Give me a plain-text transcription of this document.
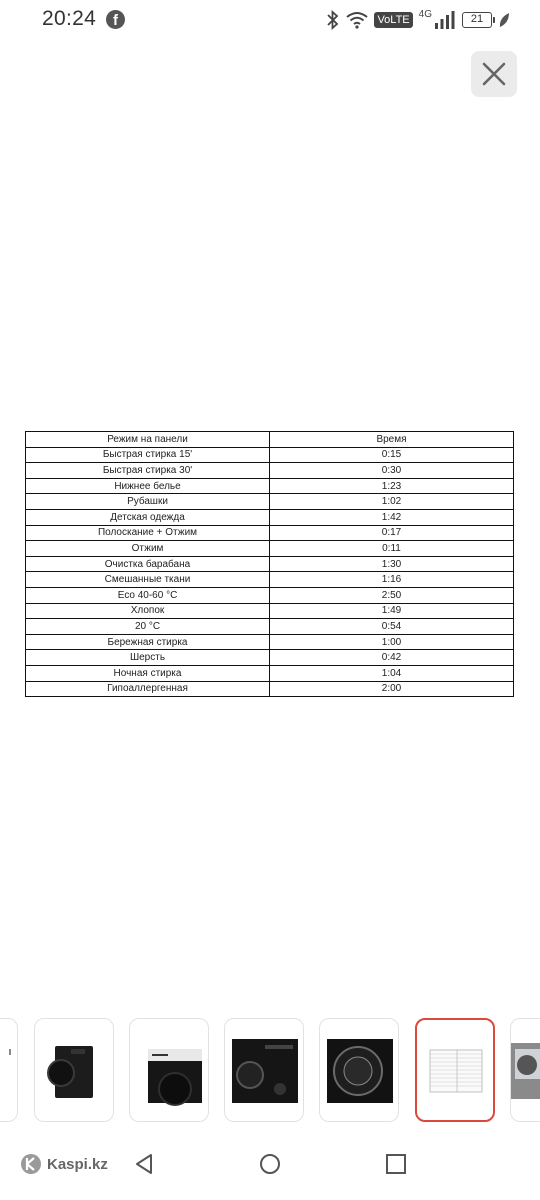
20:24	f	VoLTE 4G	21
Режим на панели	Время
Быстрая стирка 15'	0:15
Быстрая стирка 30'	0:30
Нижнее белье	1:23
Рубашки	1:02
Детская одежда	1:42
Полоскание + Отжим	0:17
Отжим	0:11
Очистка барабана	1:30
Смешанные ткани	1:16
Eco 40-60 °C	2:50
Хлопок	1:49
20 °C	0:54
Бережная стирка	1:00
Шерсть	0:42
Ночная стирка	1:04
Гипоаллергенная	2:00
Kaspi.kz
